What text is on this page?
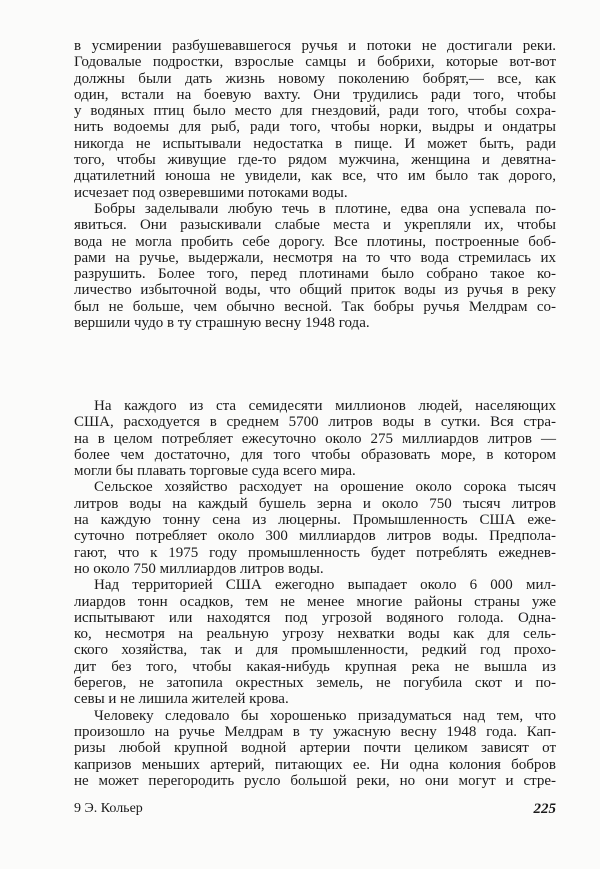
в усмирении разбушевавшегося ручья и потоки не достигали реки.
Годовалые подростки, взрослые самцы и бобрихи, которые вот-вот
должны были дать жизнь новому поколению бобрят,— все, как
один, встали на боевую вахту. Они трудились ради того, чтобы
у водяных птиц было место для гнездовий, ради того, чтобы сохра-
нить водоемы для рыб, ради того, чтобы норки, выдры и ондатры
никогда не испытывали недостатка в пище. И может быть, ради
того, чтобы живущие где-то рядом мужчина, женщина и девятна-
дцатилетний юноша не увидели, как все, что им было так дорого,
исчезает под озверевшими потоками воды.
Бобры заделывали любую течь в плотине, едва она успевала по-
явиться. Они разыскивали слабые места и укрепляли их, чтобы
вода не могла пробить себе дорогу. Все плотины, построенные боб-
рами на ручье, выдержали, несмотря на то что вода стремилась их
разрушить. Более того, перед плотинами было собрано такое ко-
личество избыточной воды, что общий приток воды из ручья в реку
был не больше, чем обычно весной. Так бобры ручья Мелдрам со-
вершили чудо в ту страшную весну 1948 года.
На каждого из ста семидесяти миллионов людей, населяющих
США, расходуется в среднем 5700 литров воды в сутки. Вся стра-
на в целом потребляет ежесуточно около 275 миллиардов литров —
более чем достаточно, для того чтобы образовать море, в котором
могли бы плавать торговые суда всего мира.
Сельское хозяйство расходует на орошение около сорока тысяч
литров воды на каждый бушель зерна и около 750 тысяч литров
на каждую тонну сена из люцерны. Промышленность США ежe-
суточно потребляет около 300 миллиардов литров воды. Предпола-
гают, что к 1975 году промышленность будет потреблять ежеднев-
но около 750 миллиардов литров воды.
Над территорией США ежегодно выпадает около 6 000 мил-
лиардов тонн осадков, тем не менее многие районы страны уже
испытывают или находятся под угрозой водяного голода. Одна-
ко, несмотря на реальную угрозу нехватки воды как для сель-
ского хозяйства, так и для промышленности, редкий год прохо-
дит без того, чтобы какая-нибудь крупная река не вышла из
берегов, не затопила окрестных земель, не погубила скот и по-
севы и не лишила жителей крова.
Человеку следовало бы хорошенько призадуматься над тем, что
произошло на ручье Мелдрам в ту ужасную весну 1948 года. Кап-
ризы любой крупной водной артерии почти целиком зависят от
капризов меньших артерий, питающих ее. Ни одна колония бобров
не может перегородить русло большой реки, но они могут и стре-
9 Э. Кольер	225
